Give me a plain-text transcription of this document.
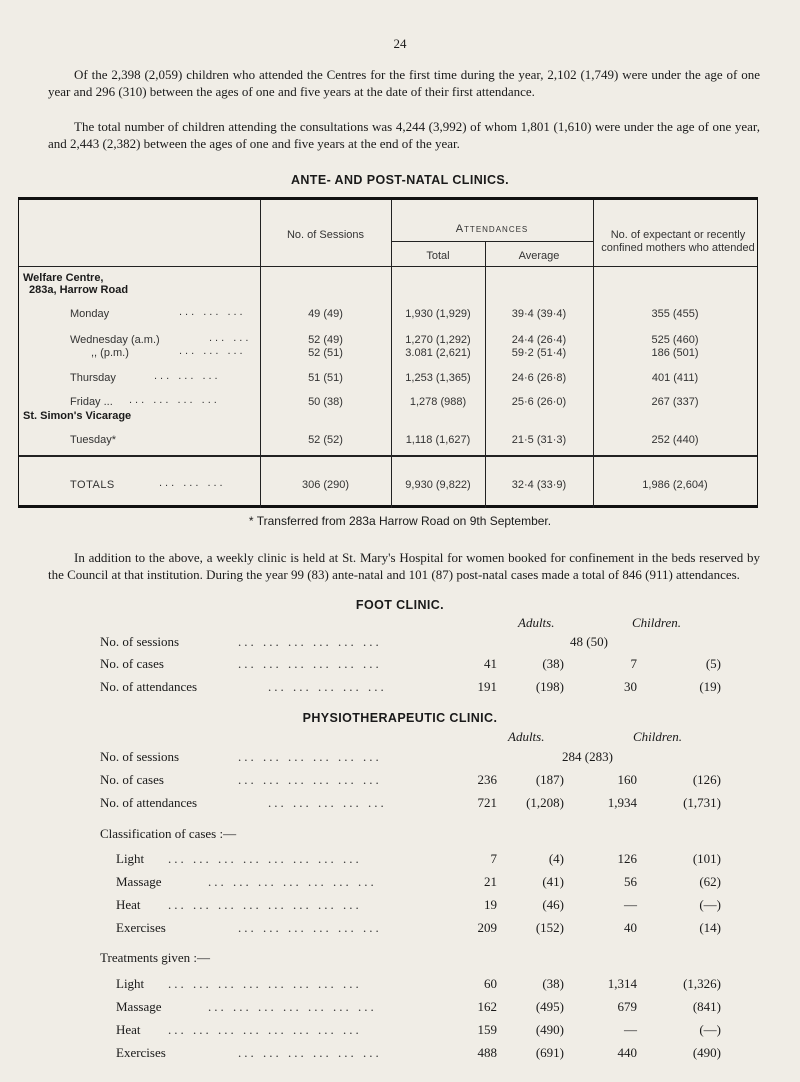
24
Of the 2,398 (2,059) children who attended the Centres for the first time during the year, 2,102 (1,749) were under the age of one year and 296 (310) between the ages of one and five years at the date of their first attendance.
The total number of children attending the consultations was 4,244 (3,992) of whom 1,801 (1,610) were under the age of one year, and 2,443 (2,382) between the ages of one and five years at the end of the year.
ANTE- AND POST-NATAL CLINICS.
No. of Sessions	Attendances
Total	Average
No. of expectant or recently confined mothers who attended
Welfare Centre,
283a, Harrow Road
St. Simon's Vicarage
Monday	... ... ...	49 (49)	1,930 (1,929)	39·4 (39·4)	355 (455)
Wednesday (a.m.)	... ...	52 (49)	1,270 (1,292)	24·4 (26·4)	525 (460)
,, (p.m.)	... ... ...	52 (51)	3.081 (2,621)	59·2 (51·4)	186 (501)
Thursday	... ... ...	51 (51)	1,253 (1,365)	24·6 (26·8)	401 (411)
Friday ... ... ... ... ...	50 (38)	1,278 (988)	25·6 (26·0)	267 (337)
Tuesday*	52 (52)	1,118 (1,627)	21·5 (31·3)	252 (440)
TOTALS	... ... ...	306 (290)	9,930 (9,822)	32·4 (33·9)	1,986 (2,604)
* Transferred from 283a Harrow Road on 9th September.
In addition to the above, a weekly clinic is held at St. Mary's Hospital for women booked for confinement in the beds reserved by the Council at that institution. During the year 99 (83) ante-natal and 101 (87) post-natal cases made a total of 846 (911) attendances.
FOOT CLINIC.
Adults.	Children.
No. of sessions	... ... ... ... ... ...	48 (50)
No. of cases	... ... ... ... ... ...	41	(38)	7	(5)
No. of attendances	... ... ... ... ...	191	(198)	30	(19)
PHYSIOTHERAPEUTIC CLINIC.
Adults.	Children.
No. of sessions	... ... ... ... ... ...	284 (283)
No. of cases	... ... ... ... ... ...	236	(187)	160	(126)
No. of attendances	... ... ... ... ...	721 (1,208)	1,934	(1,731)
Classification of cases :—
Light ... ... ... ... ... ... ... ...	7	(4)	126	(101)
Massage	... ... ... ... ... ... ...	21	(41)	56	(62)
Heat ... ... ... ... ... ... ... ...	19	(46)	—	(—)
Exercises	... ... ... ... ... ...	209	(152)	40	(14)
Treatments given :—
Light ... ... ... ... ... ... ... ...	60	(38)	1,314	(1,326)
Massage	... ... ... ... ... ... ...	162	(495)	679	(841)
Heat ... ... ... ... ... ... ... ...	159	(490)	—	(—)
Exercises	... ... ... ... ... ...	488	(691)	440	(490)
